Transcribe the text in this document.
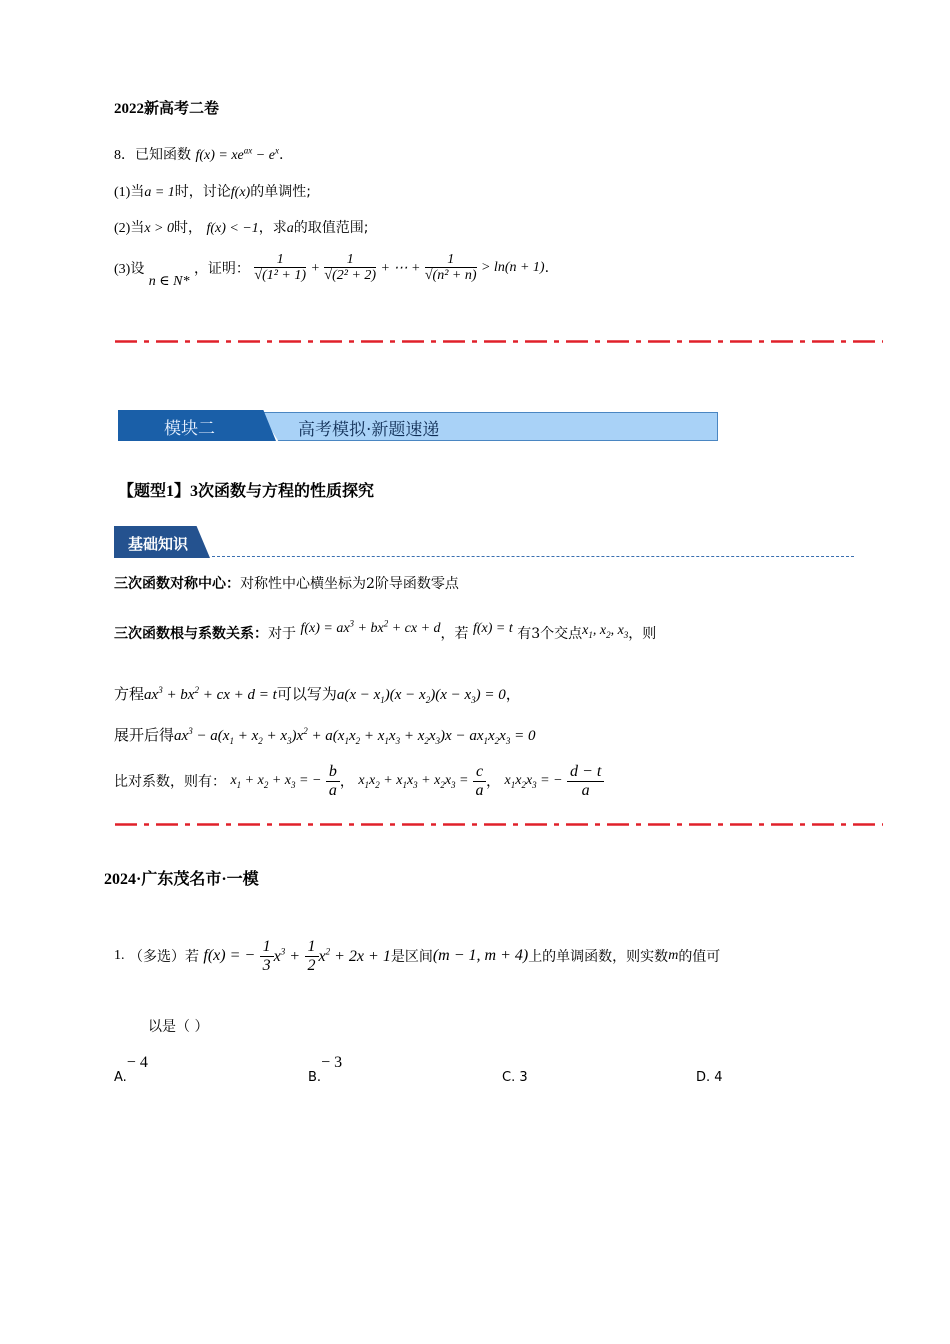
2022新高考二卷
8．已知函数 $f(x) = xe^{ax} - e^x$.
(1)当a = 1时，讨论f(x)的单调性;
(2)当x > 0时， f(x) < −1，求a的取值范围;
(3)设 n ∈ N* ，证明： $\frac{1}{\text{√(1² + 1)}} + \frac{1}{\text{√(2² + 2)}}$ + ⋯ + $\frac{1}{\text{√(n² + n)}} > \ln(n + 1)$.
模块二	高考模拟·新题速递
【题型1】3次函数与方程的性质探究
基础知识
三次函数对称中心：对称性中心横坐标为2阶导函数零点
三次函数根与系数关系：对于 $f(x) = ax^3 + bx^2$ + cx + d，若 f(x) = t 有3个交点$x_1$, $x_2$, $x_3$，则
方程$ax^3 + bx^2$ + cx + d = t可以写为$a(x - x_1)(x - x_2)(x - x_3) = 0$，
展开后得$ax^3 - a(x_1 + x_2 + x_3)x^2 + a(x_1x_2 + x_1x_3 + x_2x_3)x - ax_1x_2x_3 = 0$
比对系数，则有： $x_1 + x_2 + x_3$ = − $\frac{b}{a}$ ， $x_1x_2 + x_1x_3 + x_2x_3 = \frac{c}{a}$ ， $x_1x_2x_3$ = − $\frac{d - t}{a}$
2024·广东茂名市·一模
1. （多选）若 f(x) = − $\frac{1}{3} x^3 + \frac{1}{2} x^2 + 2x + 1$是区间(m − 1, m + 4)上的单调函数，则实数m的值可
以是（ ）
A.− 4
B.− 3
C. 3	D. 4
